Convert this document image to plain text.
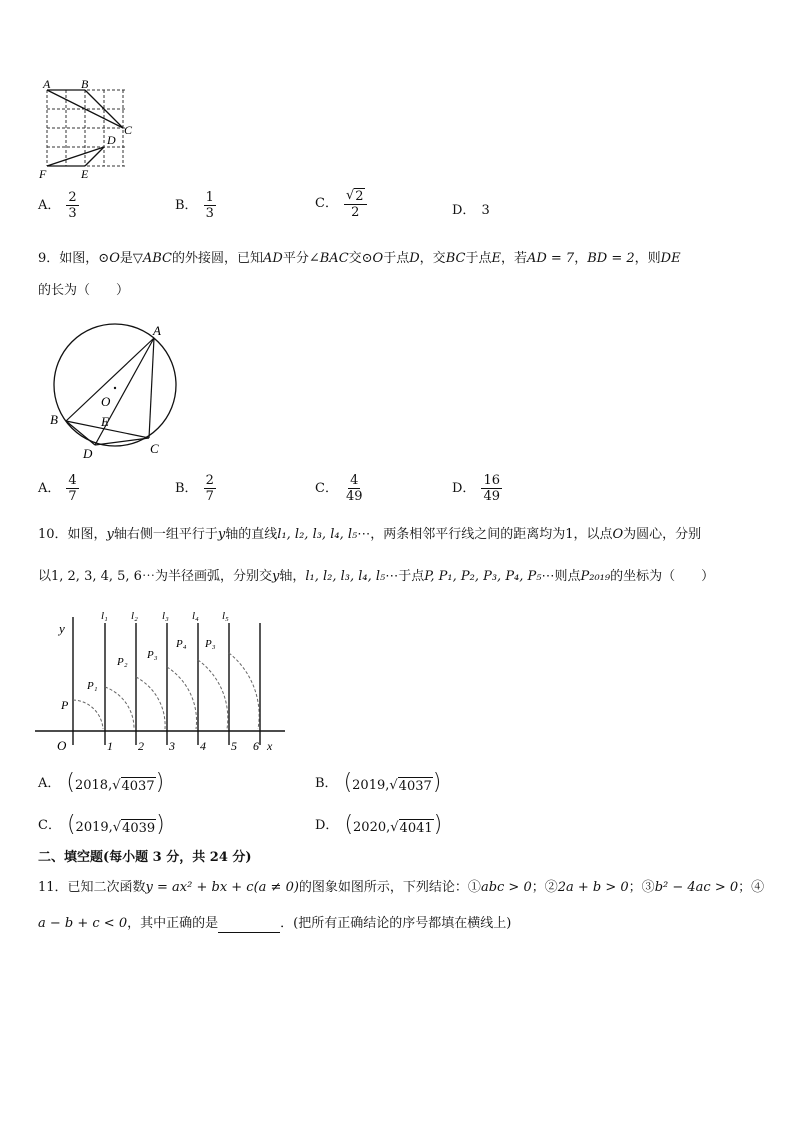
A	B
C
D
E
F
A． $\frac{2}{3}$	B． $\frac{1}{3}$	C． $\frac{√ 2}{2}$	D． 3
9．如图，⊙O是▽ABC的外接圆，已知AD平分∠BAC交⊙O于点D，交BC于点E，若AD = 7，BD = 2，则DE
的长为（　　）
A
O
B	E
D	C
A． $\frac{4}{7}$	B． $\frac{2}{7}$	C． $\frac{4}{49}$	D． $\frac{16}{49}$
10．如图，y轴右侧一组平行于y轴的直线l₁, l₂, l₃, l₄, l₅⋯，两条相邻平行线之间的距离均为1，以点O为圆心，分别
以1, 2, 3, 4, 5, 6⋯为半径画弧，分别交y轴，l₁, l₂, l₃, l₄, l₅⋯于点P, P₁, P₂, P₃, P₄, P₅⋯则点P₂₀₁₉的坐标为（　　）
y
x
O
P
P₁
P₂
P₃
P₄ P₃
l₁ l₂ l₃ l₄ l₅
1 2 3 4 5 6
A． (2018,√ 4037 )	B． (2019,√ 4037 )
C． (2019,√ 4039 )	D． (2020,√ 4041 )
二、填空题(每小题 3 分，共 24 分)
11．已知二次函数y = ax² + bx + c(a ≠ 0)的图象如图所示，下列结论：①abc > 0；②2a + b > 0；③b² − 4ac > 0；④
a − b + c < 0，其中正确的是	．(把所有正确结论的序号都填在横线上)
